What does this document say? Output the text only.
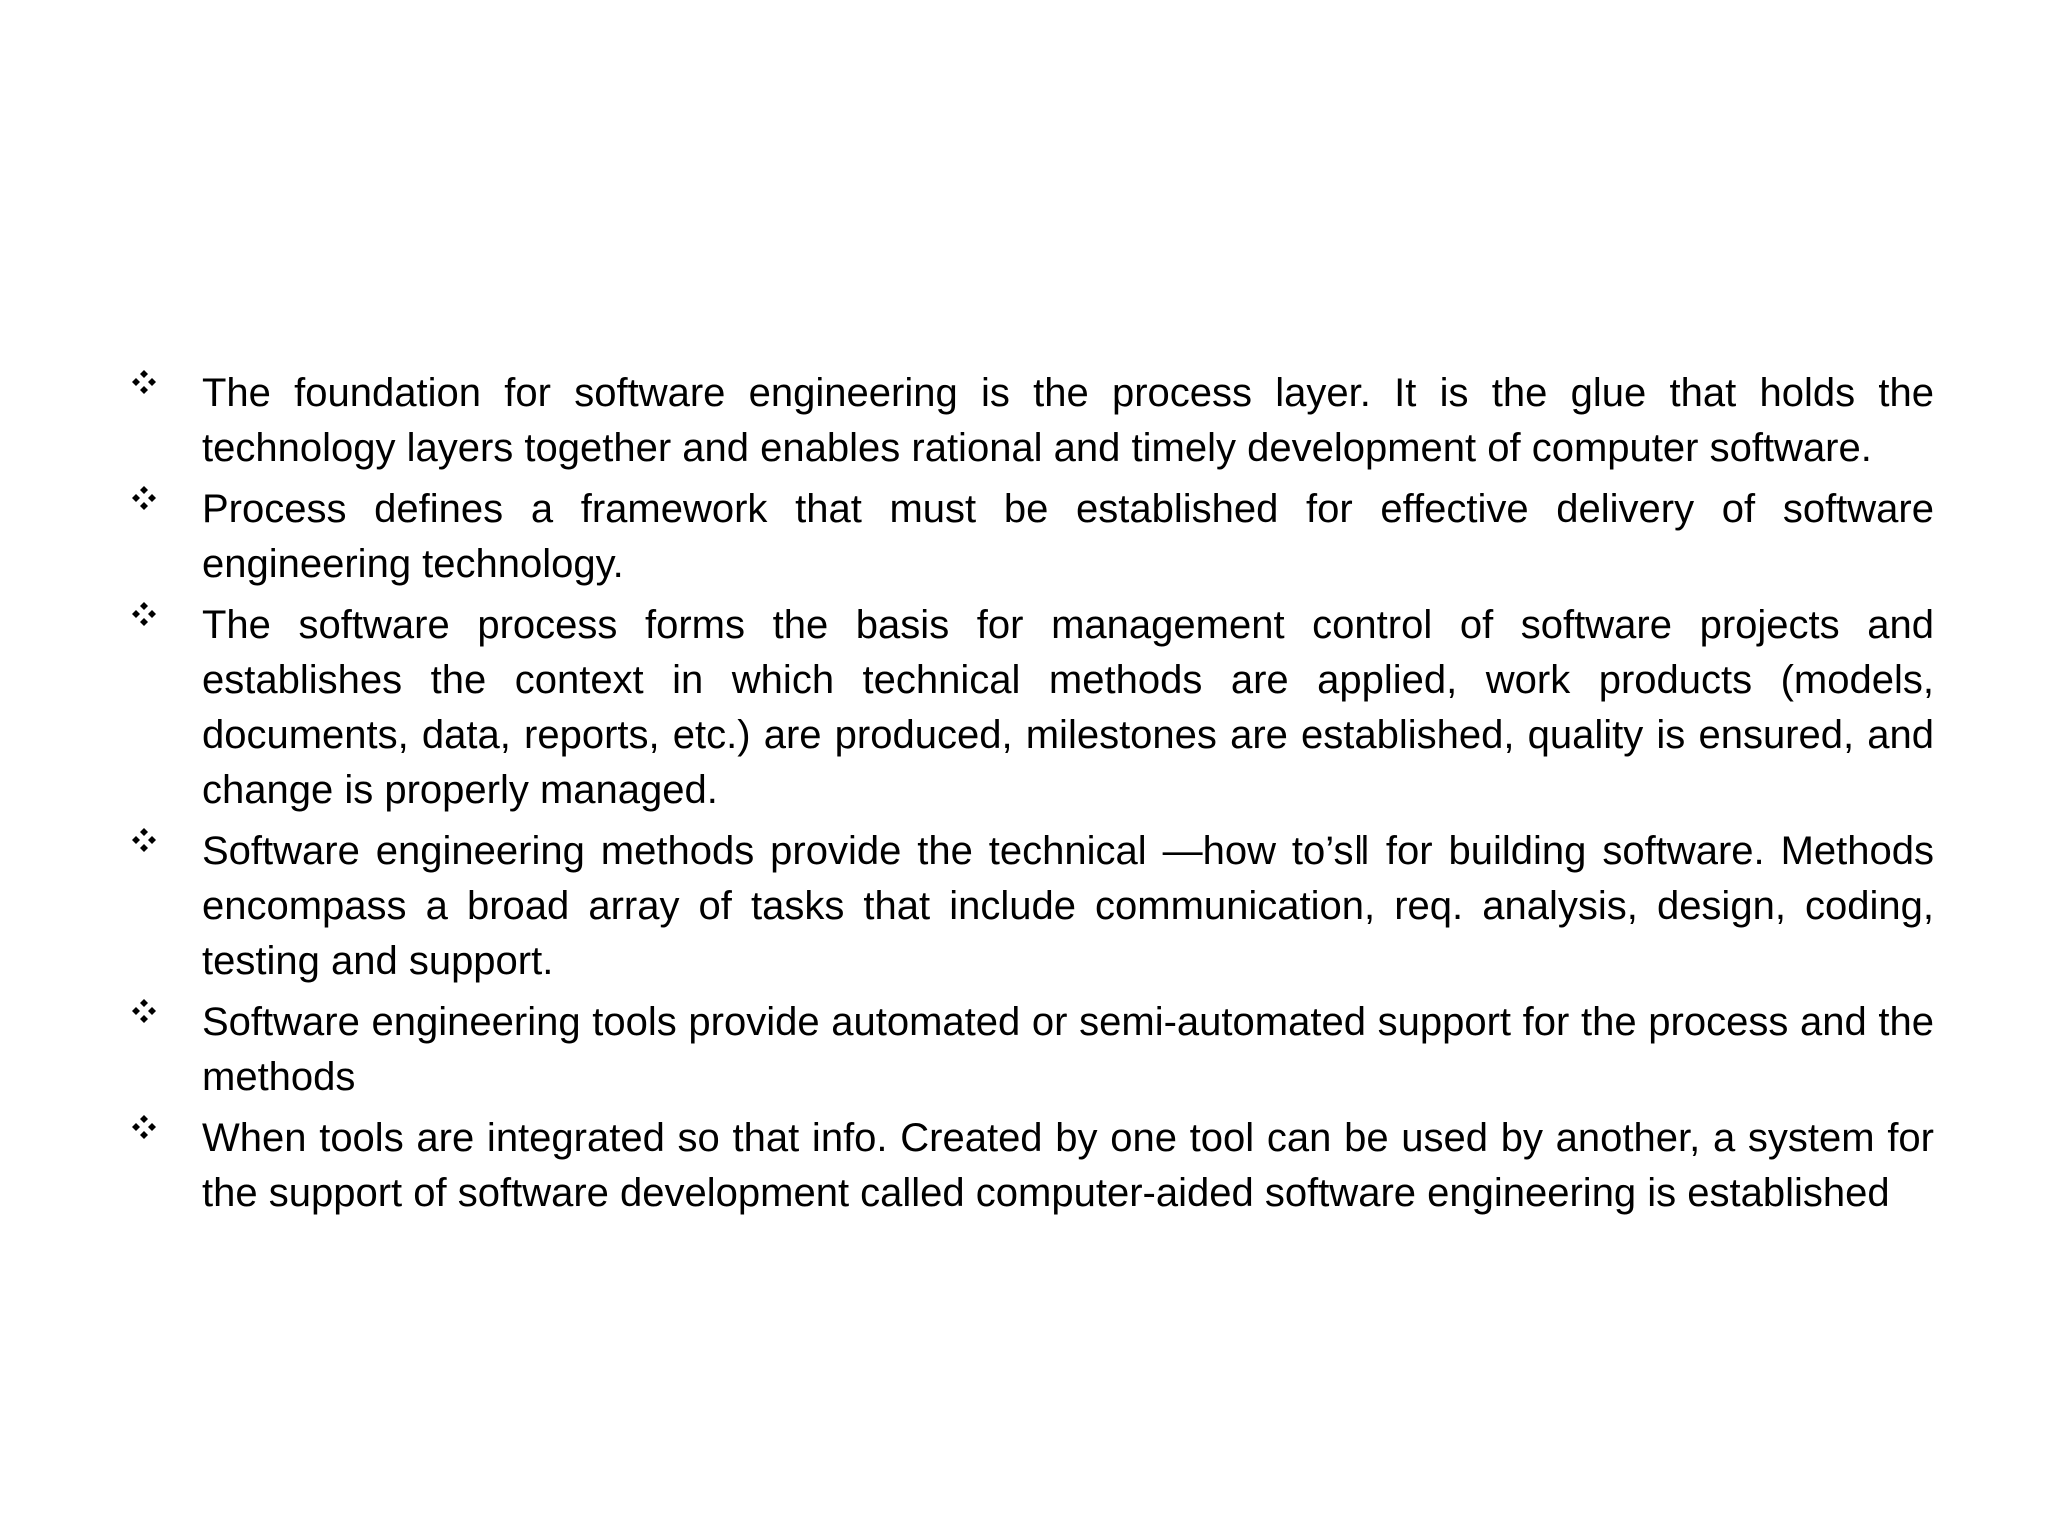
The foundation for software engineering is the process layer. It is the glue that holds the technology layers together and enables rational and timely development of computer software.
Process defines a framework that must be established for effective delivery of software engineering technology.
The software process forms the basis for management control of software projects and establishes the context in which technical methods are applied, work products (models, documents, data, reports, etc.) are produced, milestones are established, quality is ensured, and change is properly managed.
Software engineering methods provide the technical ―how to’s‖ for building software. Methods encompass a broad array of tasks that include communication, req. analysis, design, coding, testing and support.
Software engineering tools provide automated or semi-automated support for the process and the methods
When tools are integrated so that info. Created by one tool can be used by another, a system for the support of software development called computer-aided software engineering is established
